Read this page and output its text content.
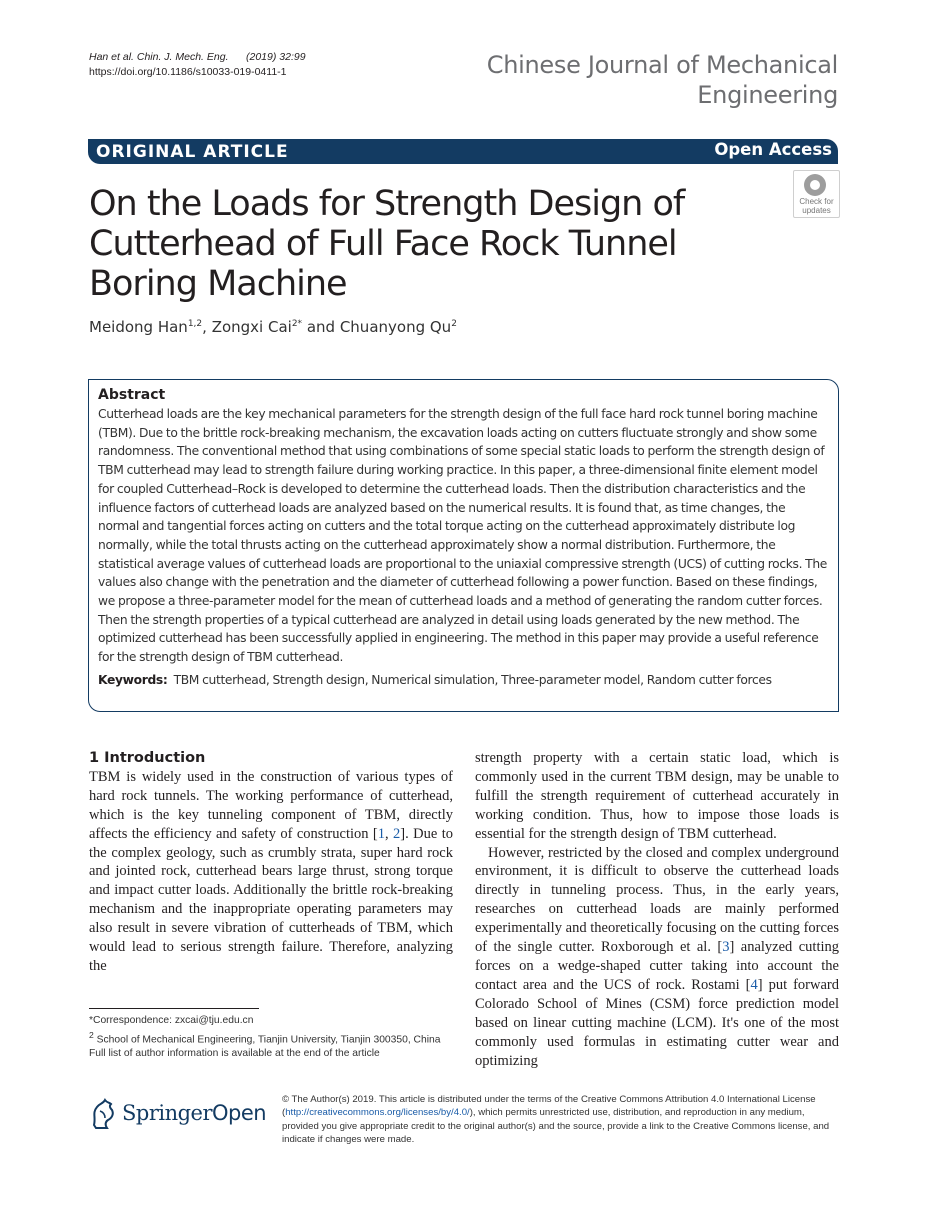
Han et al. Chin. J. Mech. Eng. (2019) 32:99
https://doi.org/10.1186/s10033-019-0411-1	Chinese Journal of Mechanical
Engineering
ORIGINAL ARTICLE	Open Access
On the Loads for Strength Design of Cutterhead of Full Face Rock Tunnel Boring Machine
Check for updates
Meidong Han$^{1,2}$, Zongxi Cai$^{2*}$ and Chuanyong Qu$^2$
Abstract

Cutterhead loads are the key mechanical parameters for the strength design of the full face hard rock tunnel boring machine (TBM). Due to the brittle rock-breaking mechanism, the excavation loads acting on cutters fluctuate strongly and show some randomness. The conventional method that using combinations of some special static loads to perform the strength design of TBM cutterhead may lead to strength failure during working practice. In this paper, a three-dimensional finite element model for coupled Cutterhead–Rock is developed to determine the cutterhead loads. Then the distribution characteristics and the influence factors of cutterhead loads are analyzed based on the numerical results. It is found that, as time changes, the normal and tangential forces acting on cutters and the total torque acting on the cutterhead approximately distribute log normally, while the total thrusts acting on the cutterhead approximately show a normal distribution. Furthermore, the statistical average values of cutterhead loads are proportional to the uniaxial compressive strength (UCS) of cutting rocks. The values also change with the penetration and the diameter of cutterhead following a power function. Based on these findings, we propose a three-parameter model for the mean of cutterhead loads and a method of generating the random cutter forces. Then the strength properties of a typical cutterhead are analyzed in detail using loads generated by the new method. The optimized cutterhead has been successfully applied in engineering. The method in this paper may provide a useful reference for the strength design of TBM cutterhead.

Keywords: TBM cutterhead, Strength design, Numerical simulation, Three-parameter model, Random cutter forces

1 Introduction

TBM is widely used in the construction of various types of hard rock tunnels. The working performance of cutterhead, which is the key tunneling component of TBM, directly affects the efficiency and safety of construction [1, 2]. Due to the complex geology, such as crumbly strata, super hard rock and jointed rock, cutterhead bears large thrust, strong torque and impact cutter loads. Additionally the brittle rock-breaking mechanism and the inappropriate operating parameters may also result in severe vibration of cutterheads of TBM, which would lead to serious strength failure. Therefore, analyzing the

strength property with a certain static load, which is commonly used in the current TBM design, may be unable to fulfill the strength requirement of cutterhead accurately in working condition. Thus, how to impose those loads is essential for the strength design of TBM cutterhead.

However, restricted by the closed and complex underground environment, it is difficult to observe the cutterhead loads directly in tunneling process. Thus, in the early years, researches on cutterhead loads are mainly performed experimentally and theoretically focusing on the cutting forces of the single cutter. Roxborough et al. [3] analyzed cutting forces on a wedge-shaped cutter taking into account the contact area and the UCS of rock. Rostami [4] put forward Colorado School of Mines (CSM) force prediction model based on linear cutting machine (LCM). It's one of the most commonly used formulas in estimating cutter wear and optimizing

*Correspondence: zxcai@tju.edu.cn
$^2$ School of Mechanical Engineering, Tianjin University, Tianjin 300350, China
Full list of author information is available at the end of the article
SpringerOpen
© The Author(s) 2019. This article is distributed under the terms of the Creative Commons Attribution 4.0 International License (http://creativecommons.org/licenses/by/4.0/), which permits unrestricted use, distribution, and reproduction in any medium, provided you give appropriate credit to the original author(s) and the source, provide a link to the Creative Commons license, and indicate if changes were made.
